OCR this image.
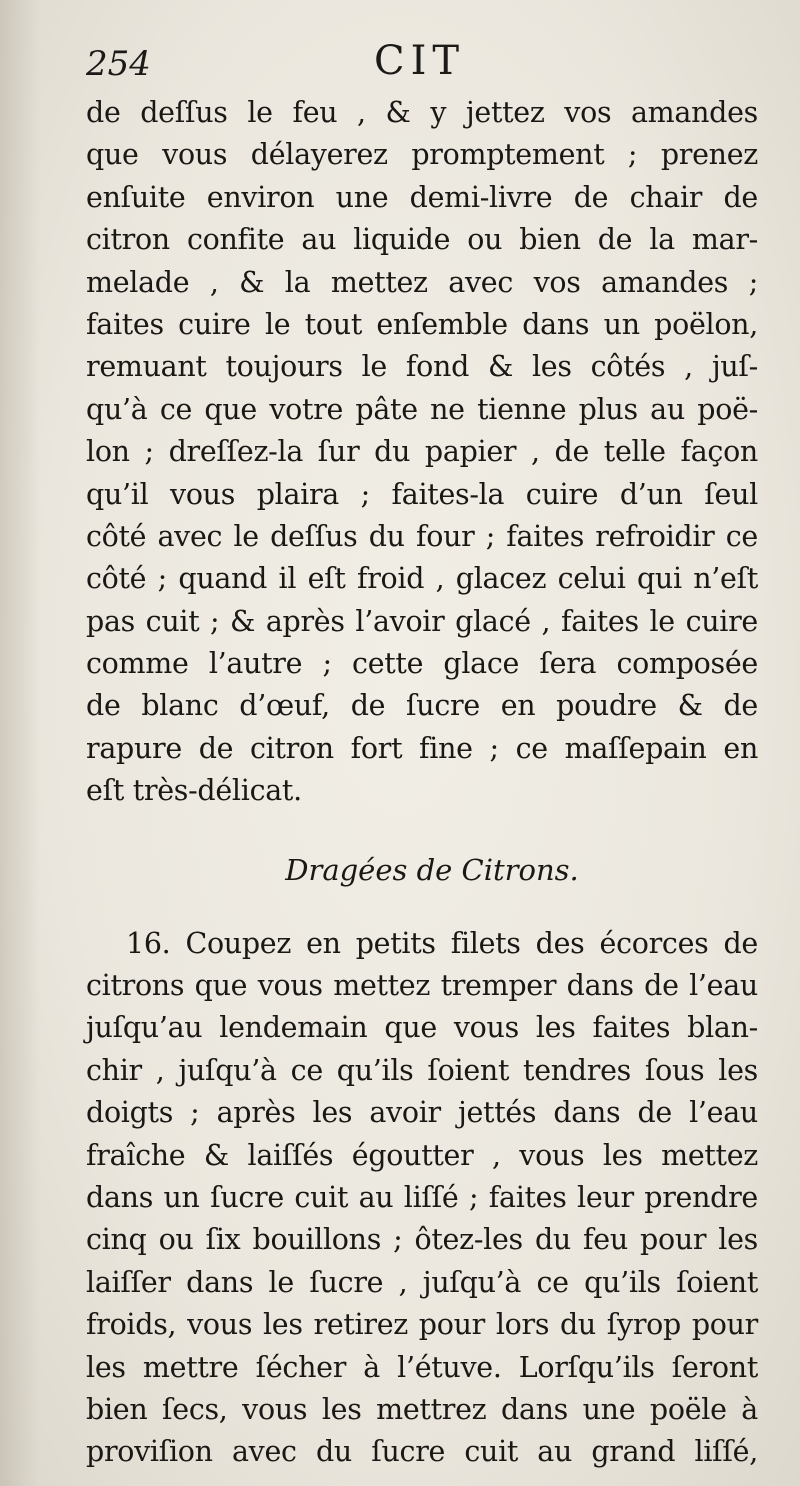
254	CIT
de deſſus le feu , & y jettez vos amandes
que vous délayerez promptement ; prenez
enſuite environ une demi-livre de chair de
citron confite au liquide ou bien de la mar-
melade , & la mettez avec vos amandes ;
faites cuire le tout enſemble dans un poëlon,
remuant toujours le fond & les côtés , juſ-
qu’à ce que votre pâte ne tienne plus au poë-
lon ; dreſſez-la ſur du papier , de telle façon
qu’il vous plaira ; faites-la cuire d’un ſeul
côté avec le deſſus du four ; faites refroidir ce
côté ; quand il eſt froid , glacez celui qui n’eſt
pas cuit ; & après l’avoir glacé , faites le cuire
comme l’autre ; cette glace ſera composée
de blanc d’œuf, de ſucre en poudre & de
rapure de citron fort fine ; ce maſſepain en
eſt très-délicat.
Dragées de Citrons.
16. Coupez en petits filets des écorces de
citrons que vous mettez tremper dans de l’eau
juſqu’au lendemain que vous les faites blan-
chir , juſqu’à ce qu’ils ſoient tendres ſous les
doigts ; après les avoir jettés dans de l’eau
fraîche & laiſſés égoutter , vous les mettez
dans un ſucre cuit au liſſé ; faites leur prendre
cinq ou ſix bouillons ; ôtez-les du feu pour les
laiſſer dans le ſucre , juſqu’à ce qu’ils ſoient
froids, vous les retirez pour lors du ſyrop pour
les mettre ſécher à l’étuve. Lorſqu’ils ſeront
bien ſecs, vous les mettrez dans une poële à
proviſion avec du ſucre cuit au grand liſſé,
